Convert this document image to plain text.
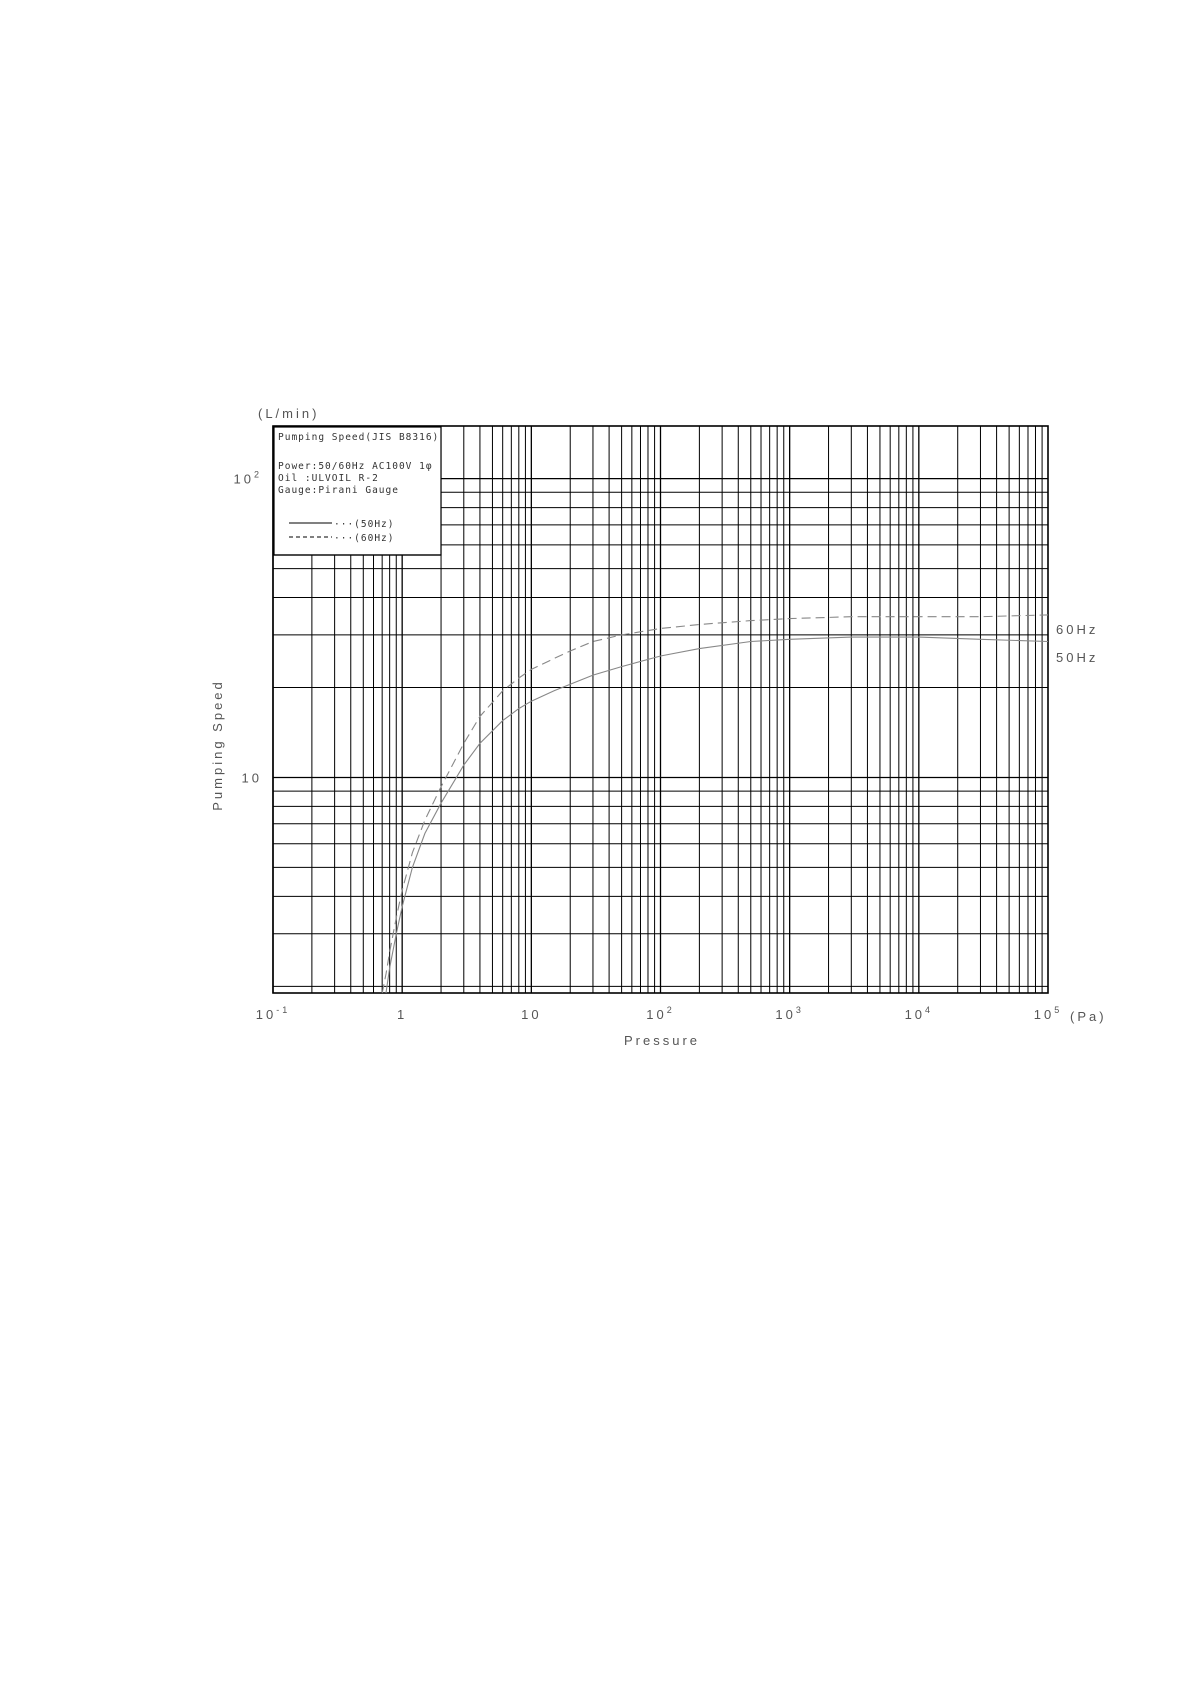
Pumping Speed(JIS B8316)
Power:50/60Hz AC100V 1φ
Oil :ULVOIL R-2
Gauge:Pirani Gauge
···(50Hz)
···(60Hz)
(L/min)
(Pa)
Pressure
Pumping Speed
$10^{-1}$	1	10	$10^2$	$10^3$	$10^4$	$10^5$
10
$10^2$
60Hz
50Hz
